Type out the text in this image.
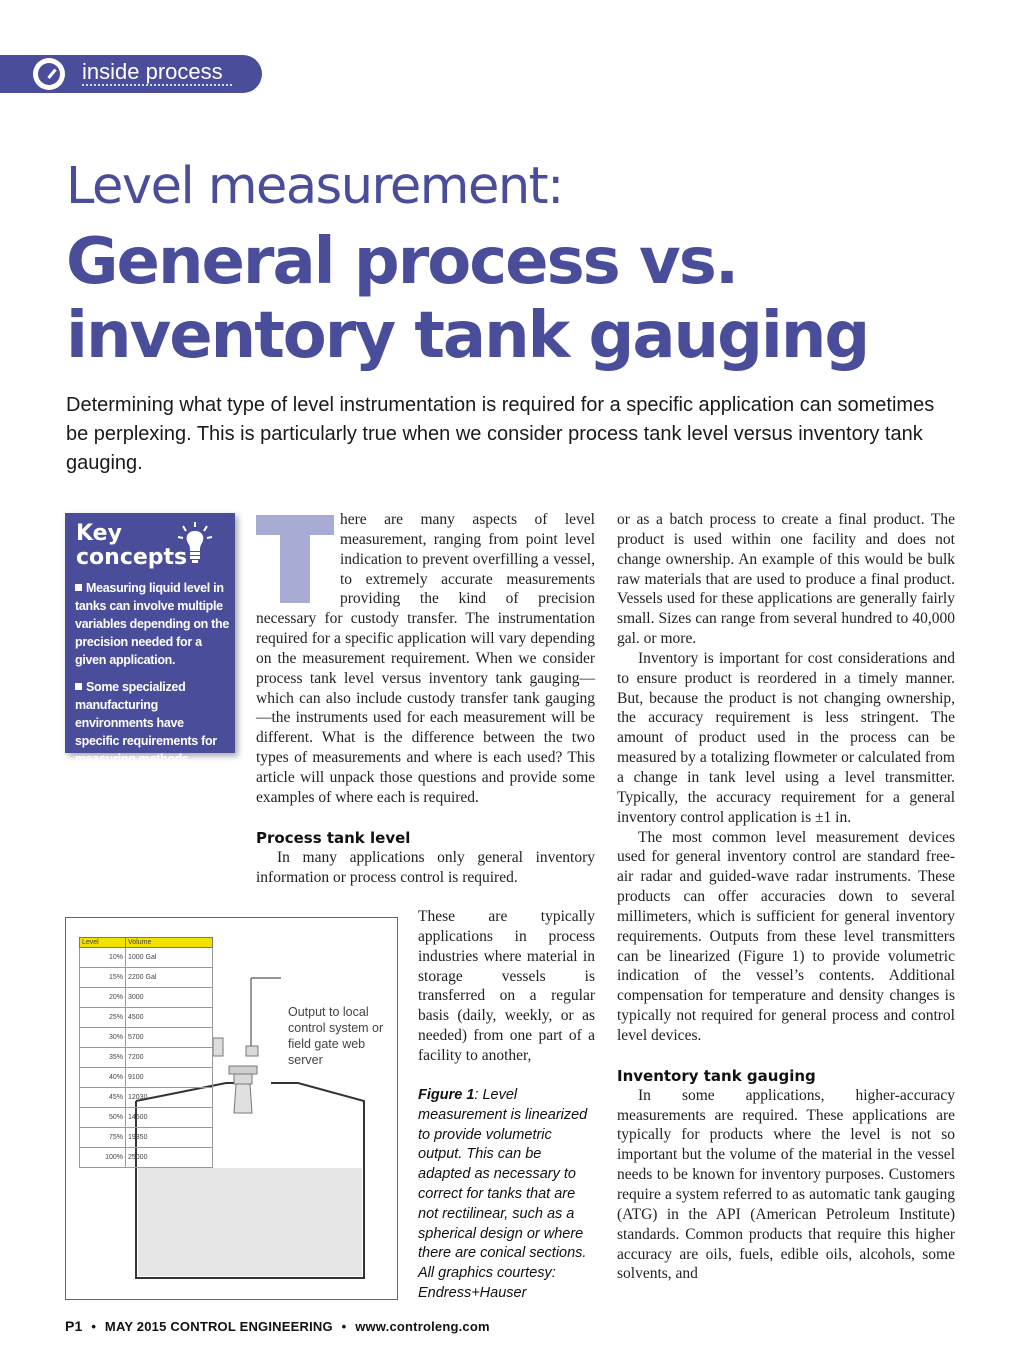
inside process
Level measurement:
General process vs. inventory tank gauging
Determining what type of level instrumentation is required for a specific application can sometimes be perplexing. This is particularly true when we consider process tank level versus inventory tank gauging.
Key
concepts
Measuring liquid level in tanks can involve multiple variables depending on the precision needed for a given application.
Some specialized manufacturing environments have specific requirements for measuring methods.

here are many aspects of level measurement, ranging from point level indication to prevent overfilling a vessel, to extremely accurate measurements providing the kind of precision necessary for custody transfer. The instrumentation required for a specific application will vary depending on the measurement requirement. When we consider process tank level versus inventory tank gauging—which can also include custody transfer tank gauging—the instruments used for each measurement will be different. What is the difference between the two types of measurements and where is each used? This article will unpack those questions and provide some examples of where each is required.

Process tank level

In many applications only general inventory information or process control is required.

These are typically applications in process industries where material in storage vessels is transferred on a regular basis (daily, weekly, or as needed) from one part of a facility to another,
Output to local
control system or
field gate web
server
Level	Volume
10%	1000 Gal
15%	2200 Gal
20%	3000
25%	4500
30%	5700
35%	7200
40%	9100
45%	12030
50%	14500
75%	19350
100%	25000
Figure 1: Level measurement is linearized to provide volumetric output. This can be adapted as necessary to correct for tanks that are not rectilinear, such as a spherical design or where there are conical sections.
All graphics courtesy: Endress+Hauser

or as a batch process to create a final product. The product is used within one facility and does not change ownership. An example of this would be bulk raw materials that are used to produce a final product. Vessels used for these applications are generally fairly small. Sizes can range from several hundred to 40,000 gal. or more.

Inventory is important for cost considerations and to ensure product is reordered in a timely manner. But, because the product is not changing ownership, the accuracy requirement is less stringent. The amount of product used in the process can be measured by a totalizing flowmeter or calculated from a change in tank level using a level transmitter. Typically, the accuracy requirement for a general inventory control application is ±1 in.

The most common level measurement devices used for general inventory control are standard free-air radar and guided-wave radar instruments. These products can offer accuracies down to several millimeters, which is sufficient for general inventory requirements. Outputs from these level transmitters can be linearized (Figure 1) to provide volumetric indication of the vessel’s contents. Additional compensation for temperature and density changes is typically not required for general process and control level devices.

Inventory tank gauging

In some applications, higher-accuracy measurements are required. These applications are typically for products where the level is not so important but the volume of the material in the vessel needs to be known for inventory purposes. Customers require a system referred to as automatic tank gauging (ATG) in the API (American Petroleum Institute) standards. Common products that require this higher accuracy are oils, fuels, edible oils, alcohols, some solvents, and

P1 • MAY 2015 CONTROL ENGINEERING • www.controleng.com
